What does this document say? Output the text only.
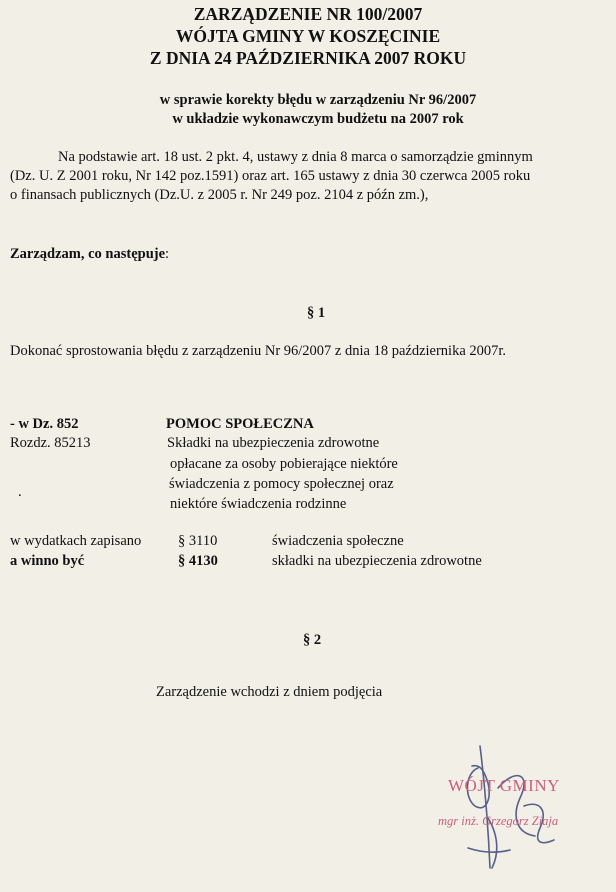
ZARZĄDZENIE NR 100/2007
WÓJTA GMINY W KOSZĘCINIE
Z DNIA 24 PAŹDZIERNIKA 2007 ROKU
w sprawie korekty błędu w zarządzeniu Nr 96/2007
w układzie wykonawczym budżetu na 2007 rok
Na podstawie art. 18 ust. 2 pkt. 4, ustawy z dnia 8 marca o samorządzie gminnym
(Dz. U. Z 2001 roku, Nr 142 poz.1591) oraz art. 165 ustawy z dnia 30 czerwca 2005 roku
o finansach publicznych (Dz.U. z 2005 r. Nr 249 poz. 2104 z późn zm.),
Zarządzam, co następuje:
§ 1
Dokonać sprostowania błędu z zarządzeniu Nr 96/2007 z dnia 18 października 2007r.
- w Dz. 852	POMOC SPOŁECZNA
Rozdz. 85213	Składki na ubezpieczenia zdrowotne
opłacane za osoby pobierające niektóre
świadczenia z pomocy społecznej oraz
niektóre świadczenia rodzinne
.
w wydatkach zapisano	§ 3110	świadczenia społeczne
a winno być	§ 4130	składki na ubezpieczenia zdrowotne
§ 2
Zarządzenie wchodzi z dniem podjęcia
WÓJT GMINY
mgr inż. Grzegorz Ziaja
